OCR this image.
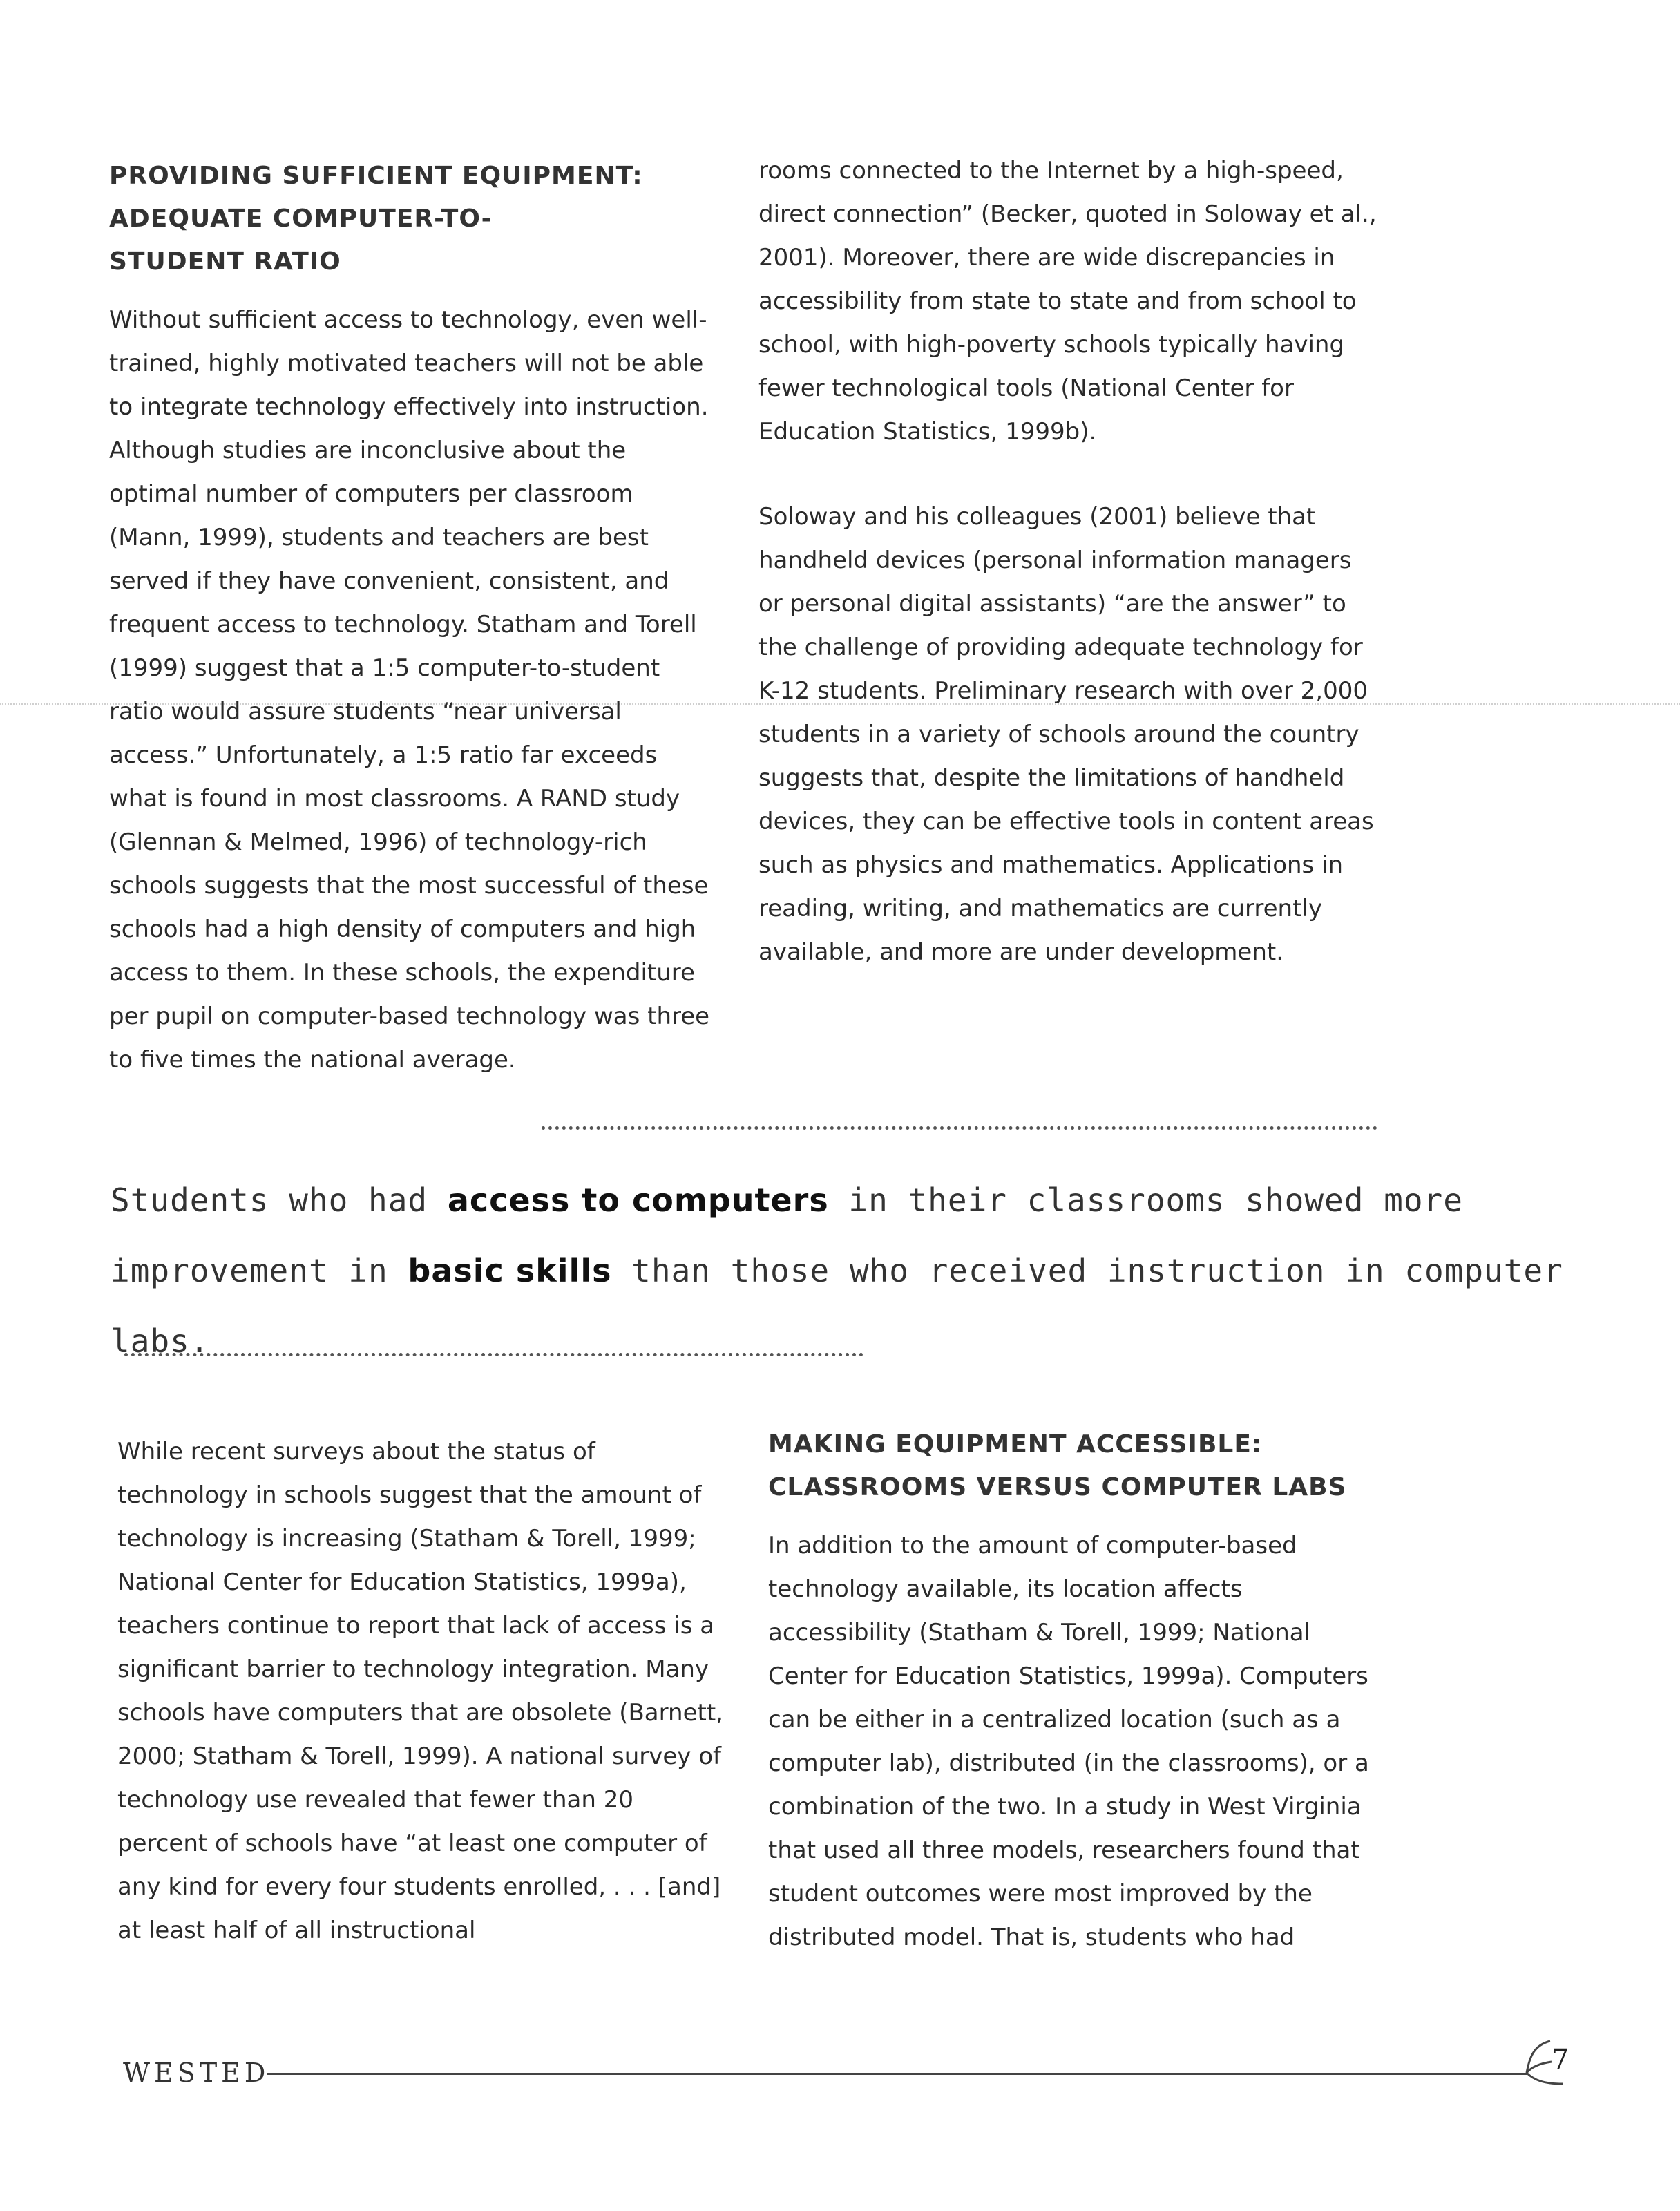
PROVIDING SUFFICIENT EQUIPMENT:
ADEQUATE COMPUTER-TO-
STUDENT RATIO

Without sufficient access to technology, even well-trained, highly motivated teachers will not be able to integrate technology effectively into instruction. Although studies are inconclusive about the optimal number of computers per classroom (Mann, 1999), students and teachers are best served if they have convenient, consistent, and frequent access to technology. Statham and Torell (1999) suggest that a 1:5 computer-to-student ratio would assure students “near universal access.” Unfortunately, a 1:5 ratio far exceeds what is found in most classrooms. A RAND study (Glennan & Melmed, 1996) of technology-rich schools suggests that the most successful of these schools had a high density of computers and high access to them. In these schools, the expenditure per pupil on computer-based technology was three to five times the national average.

rooms connected to the Internet by a high-speed, direct connection” (Becker, quoted in Soloway et al., 2001). Moreover, there are wide discrepancies in accessibility from state to state and from school to school, with high-poverty schools typically having fewer technological tools (National Center for Education Statistics, 1999b).

Soloway and his colleagues (2001) believe that handheld devices (personal information managers or personal digital assistants) “are the answer” to the challenge of providing adequate technology for K-12 students. Preliminary research with over 2,000 students in a variety of schools around the country suggests that, despite the limitations of handheld devices, they can be effective tools in content areas such as physics and mathematics. Applications in reading, writing, and mathematics are currently available, and more are under development.

Students who had access to computers in their classrooms showed more improvement in basic skills than those who received instruction in computer labs.

While recent surveys about the status of technology in schools suggest that the amount of technology is increasing (Statham & Torell, 1999; National Center for Education Statistics, 1999a), teachers continue to report that lack of access is a significant barrier to technology integration. Many schools have computers that are obsolete (Barnett, 2000; Statham & Torell, 1999). A national survey of technology use revealed that fewer than 20 percent of schools have “at least one computer of any kind for every four students enrolled, . . . [and] at least half of all instructional

MAKING EQUIPMENT ACCESSIBLE:
CLASSROOMS VERSUS COMPUTER LABS

In addition to the amount of computer-based technology available, its location affects accessibility (Statham & Torell, 1999; National Center for Education Statistics, 1999a). Computers can be either in a centralized location (such as a computer lab), distributed (in the classrooms), or a combination of the two. In a study in West Virginia that used all three models, researchers found that student outcomes were most improved by the distributed model. That is, students who had

WESTED	7
